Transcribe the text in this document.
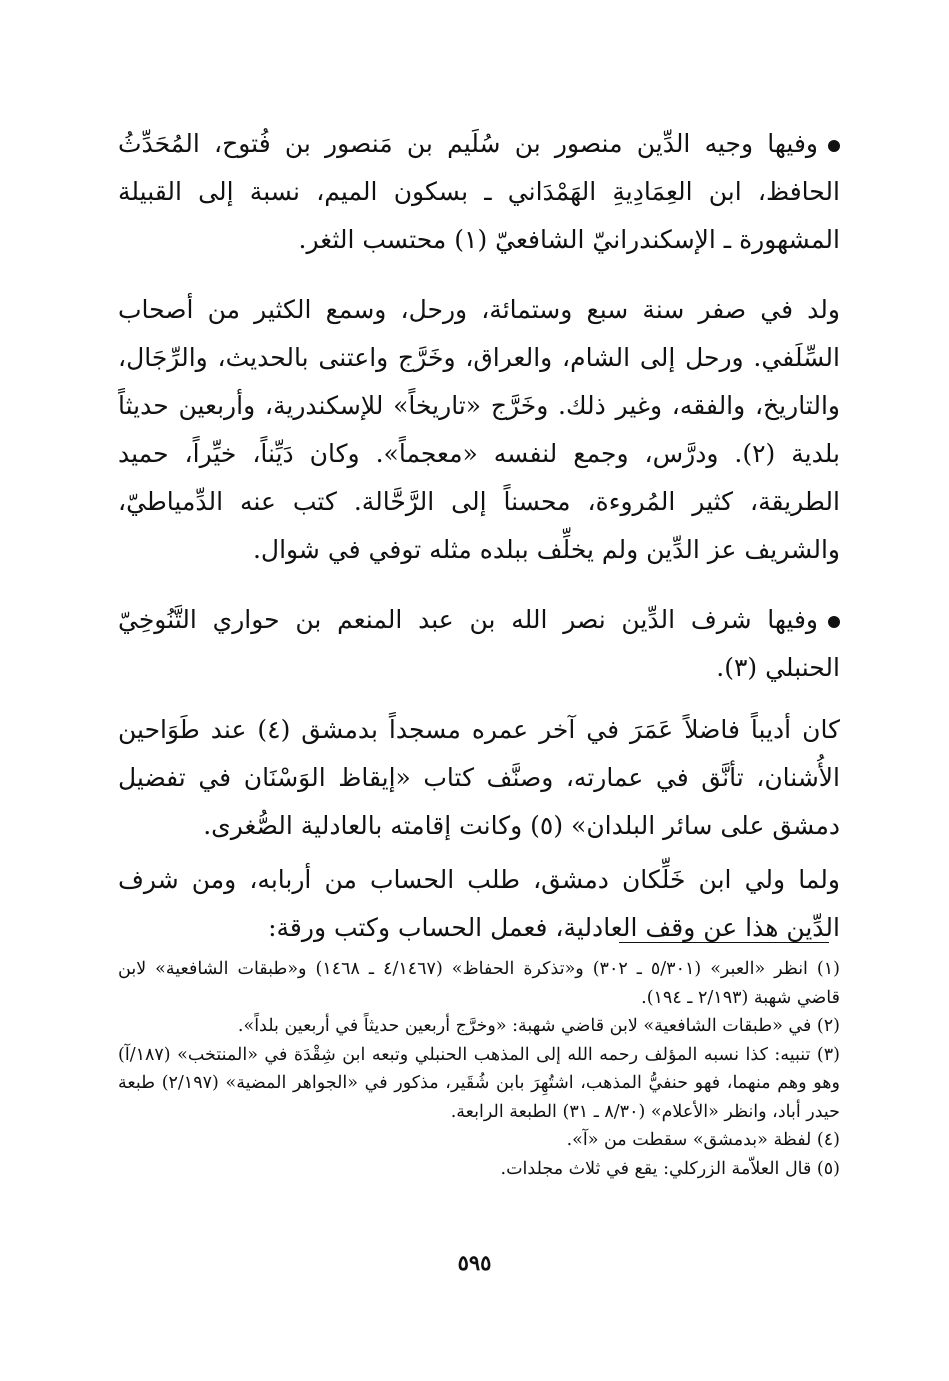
وفيها وجيه الدِّين منصور بن سُلَيم بن مَنصور بن فُتوح، المُحَدِّثُ الحافظ، ابن العِمَادِيةِ الهَمْدَاني ـ بسكون الميم، نسبة إلى القبيلة المشهورة ـ الإسكندرانيّ الشافعيّ (١) محتسب الثغر.

ولد في صفر سنة سبع وستمائة، ورحل، وسمع الكثير من أصحاب السِّلَفي. ورحل إلى الشام، والعراق، وخَرَّج واعتنى بالحديث، والرِّجَال، والتاريخ، والفقه، وغير ذلك. وخَرَّج «تاريخاً» للإسكندرية، وأربعين حديثاً بلدية (٢). ودرَّس، وجمع لنفسه «معجماً». وكان دَيِّناً، خيِّراً، حميد الطريقة، كثير المُروءة، محسناً إلى الرَّحَّالة. كتب عنه الدِّمياطيّ، والشريف عز الدِّين ولم يخلِّف ببلده مثله توفي في شوال.

وفيها شرف الدِّين نصر الله بن عبد المنعم بن حواري التَّنُوخِيّ الحنبلي (٣).

كان أديباً فاضلاً عَمَرَ في آخر عمره مسجداً بدمشق (٤) عند طَوَاحين الأُشنان، تأنَّق في عمارته، وصنَّف كتاب «إيقاظ الوَسْنَان في تفضيل دمشق على سائر البلدان» (٥) وكانت إقامته بالعادلية الصُّغرى.

ولما ولي ابن خَلِّكان دمشق، طلب الحساب من أربابه، ومن شرف الدِّين هذا عن وقف العادلية، فعمل الحساب وكتب ورقة:

(١) انظر «العبر» (٥/٣٠١ ـ ٣٠٢) و«تذكرة الحفاظ» (٤/١٤٦٧ ـ ١٤٦٨) و«طبقات الشافعية» لابن قاضي شهبة (٢/١٩٣ ـ ١٩٤).

(٢) في «طبقات الشافعية» لابن قاضي شهبة: «وخرَّج أربعين حديثاً في أربعين بلداً».

(٣) تنبيه: كذا نسبه المؤلف رحمه الله إلى المذهب الحنبلي وتبعه ابن شِقْدَة في «المنتخب» (١٨٧/آ) وهو وهم منهما، فهو حنفيُّ المذهب، اشتُهِرَ بابن شُقَير، مذكور في «الجواهر المضية» (٢/١٩٧) طبعة حيدر أباد، وانظر «الأعلام» (٨/٣٠ ـ ٣١) الطبعة الرابعة.

(٤) لفظة «بدمشق» سقطت من «آ».

(٥) قال العلاّمة الزركلي: يقع في ثلاث مجلدات.

٥٩٥
